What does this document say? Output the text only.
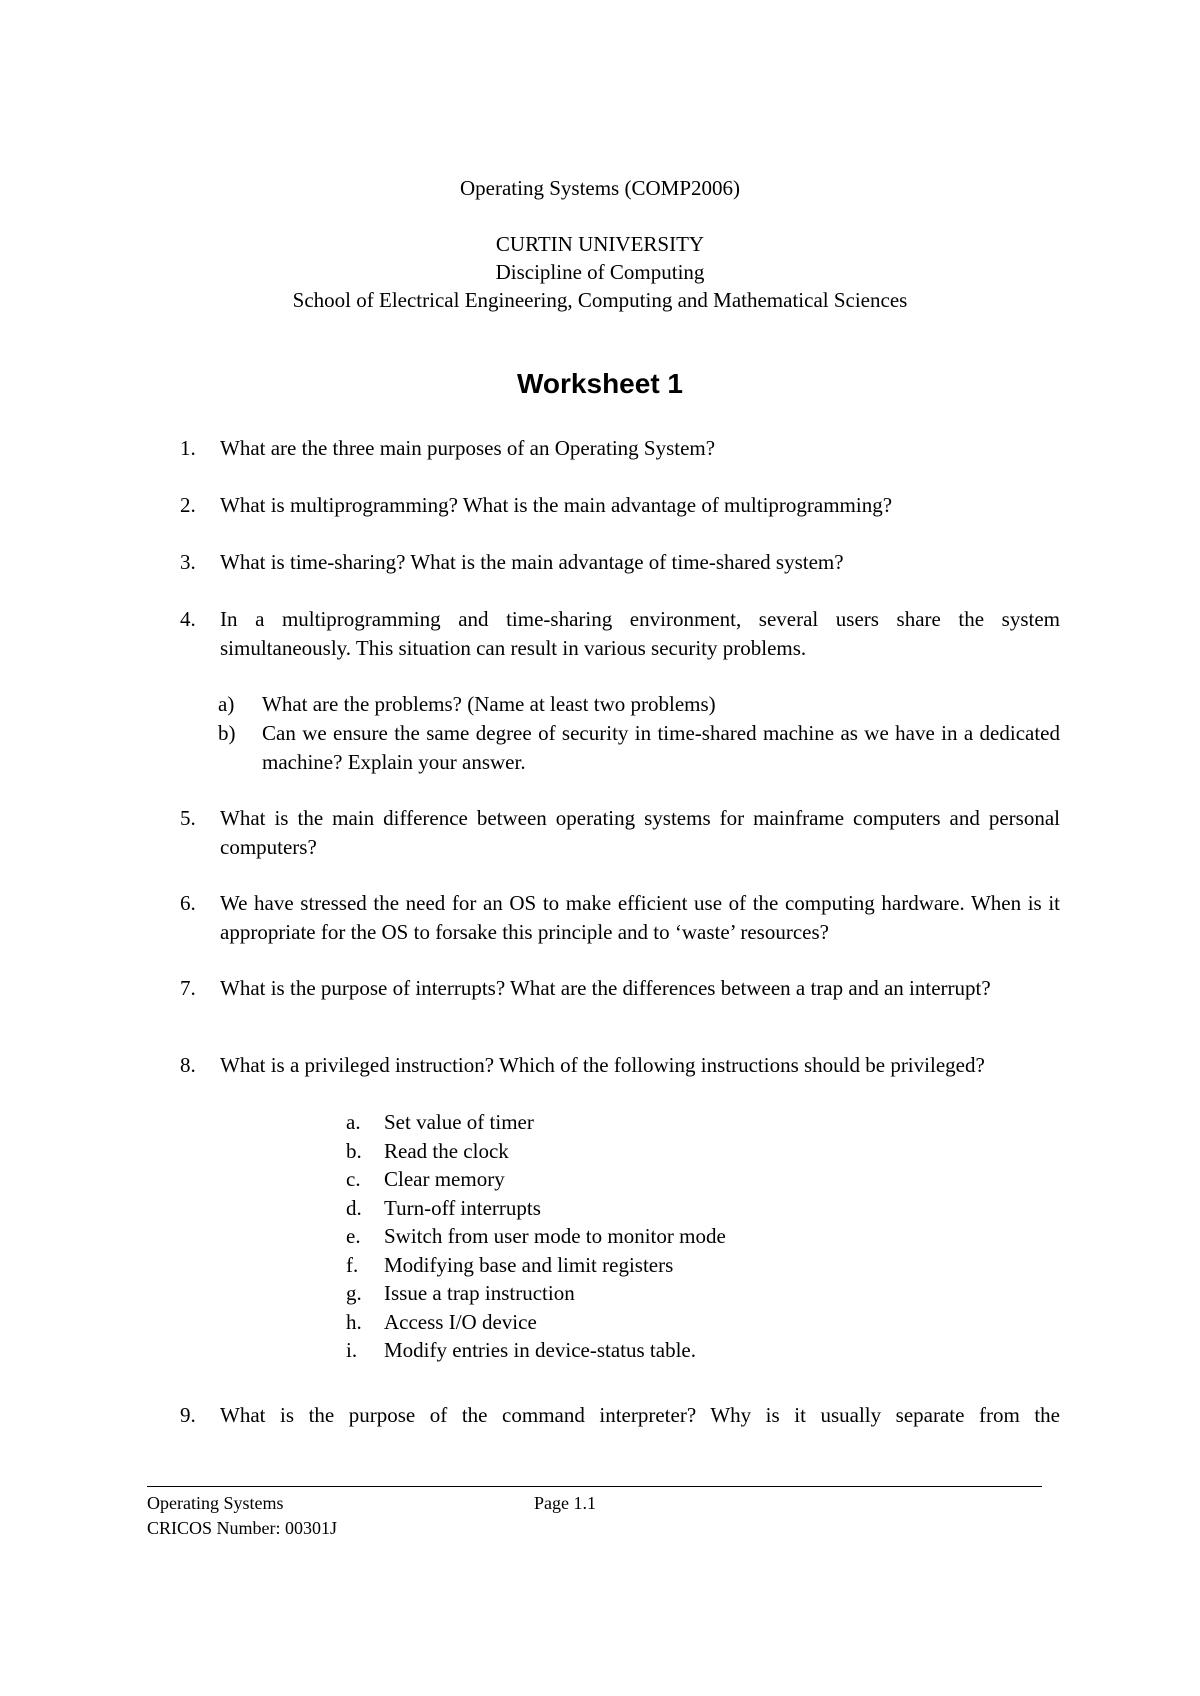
Operating Systems (COMP2006)
CURTIN UNIVERSITY
Discipline of Computing
School of Electrical Engineering, Computing and Mathematical Sciences
Worksheet 1
1. What are the three main purposes of an Operating System?
2. What is multiprogramming? What is the main advantage of multiprogramming?
3. What is time-sharing? What is the main advantage of time-shared system?
4. In a multiprogramming and time-sharing environment, several users share the system simultaneously. This situation can result in various security problems.
a) What are the problems? (Name at least two problems)
b) Can we ensure the same degree of security in time-shared machine as we have in a dedicated machine? Explain your answer.
5. What is the main difference between operating systems for mainframe computers and personal computers?
6. We have stressed the need for an OS to make efficient use of the computing hardware. When is it appropriate for the OS to forsake this principle and to ‘waste’ resources?
7. What is the purpose of interrupts? What are the differences between a trap and an interrupt?
8. What is a privileged instruction? Which of the following instructions should be privileged?
a. Set value of timer
b. Read the clock
c. Clear memory
d. Turn-off interrupts
e. Switch from user mode to monitor mode
f. Modifying base and limit registers
g. Issue a trap instruction
h. Access I/O device
i. Modify entries in device-status table.
9. What is the purpose of the command interpreter? Why is it usually separate from the
Operating Systems	Page 1.1
CRICOS Number: 00301J
